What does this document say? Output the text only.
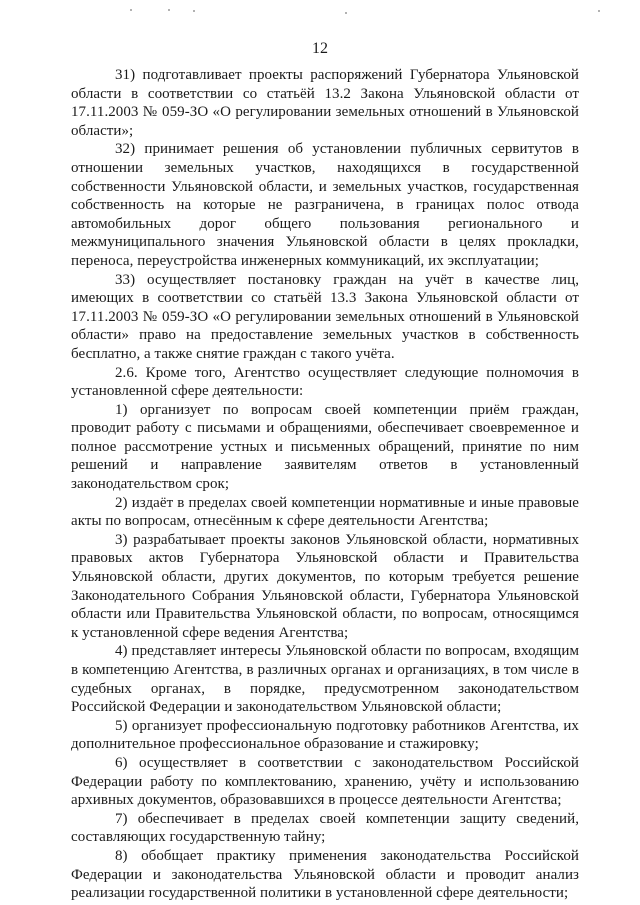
12

31) подготавливает проекты распоряжений Губернатора Ульяновской области в соответствии со статьёй 13.2 Закона Ульяновской области от 17.11.2003 № 059-ЗО «О регулировании земельных отношений в Ульяновской области»;

32) принимает решения об установлении публичных сервитутов в отношении земельных участков, находящихся в государственной собственности Ульяновской области, и земельных участков, государственная собственность на которые не разграничена, в границах полос отвода автомобильных дорог общего пользования регионального и межмуниципального значения Ульяновской области в целях прокладки, переноса, переустройства инженерных коммуникаций, их эксплуатации;

33) осуществляет постановку граждан на учёт в качестве лиц, имеющих в соответствии со статьёй 13.3 Закона Ульяновской области от 17.11.2003 № 059-ЗО «О регулировании земельных отношений в Ульяновской области» право на предоставление земельных участков в собственность бесплатно, а также снятие граждан с такого учёта.

2.6. Кроме того, Агентство осуществляет следующие полномочия в установленной сфере деятельности:

1) организует по вопросам своей компетенции приём граждан, проводит работу с письмами и обращениями, обеспечивает своевременное и полное рассмотрение устных и письменных обращений, принятие по ним решений и направление заявителям ответов в установленный законодательством срок;

2) издаёт в пределах своей компетенции нормативные и иные правовые акты по вопросам, отнесённым к сфере деятельности Агентства;

3) разрабатывает проекты законов Ульяновской области, нормативных правовых актов Губернатора Ульяновской области и Правительства Ульяновской области, других документов, по которым требуется решение Законодательного Собрания Ульяновской области, Губернатора Ульяновской области или Правительства Ульяновской области, по вопросам, относящимся к установленной сфере ведения Агентства;

4) представляет интересы Ульяновской области по вопросам, входящим в компетенцию Агентства, в различных органах и организациях, в том числе в судебных органах, в порядке, предусмотренном законодательством Российской Федерации и законодательством Ульяновской области;

5) организует профессиональную подготовку работников Агентства, их дополнительное профессиональное образование и стажировку;

6) осуществляет в соответствии с законодательством Российской Федерации работу по комплектованию, хранению, учёту и использованию архивных документов, образовавшихся в процессе деятельности Агентства;

7) обеспечивает в пределах своей компетенции защиту сведений, составляющих государственную тайну;

8) обобщает практику применения законодательства Российской Федерации и законодательства Ульяновской области и проводит анализ реализации государственной политики в установленной сфере деятельности;
